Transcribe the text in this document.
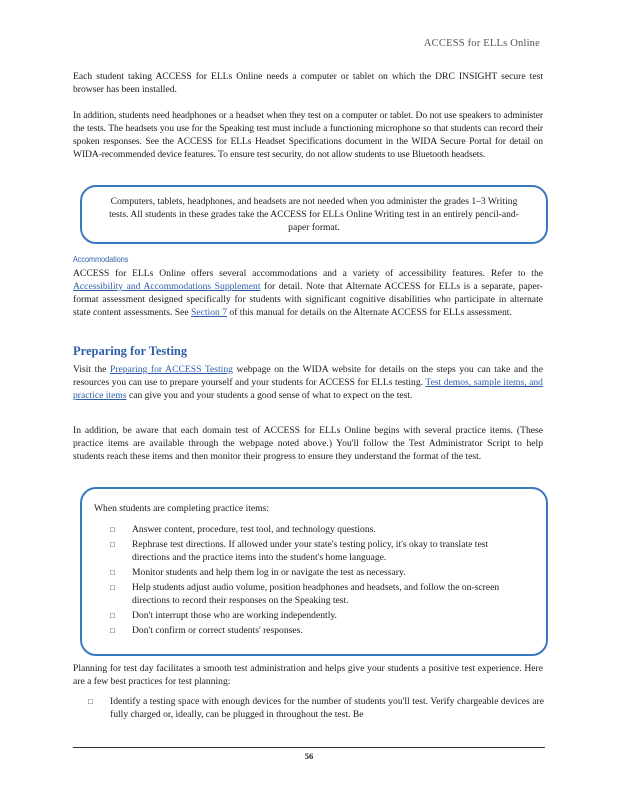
ACCESS for ELLs Online
Each student taking ACCESS for ELLs Online needs a computer or tablet on which the DRC INSIGHT secure test browser has been installed.
In addition, students need headphones or a headset when they test on a computer or tablet. Do not use speakers to administer the tests. The headsets you use for the Speaking test must include a functioning microphone so that students can record their spoken responses. See the ACCESS for ELLs Headset Specifications document in the WIDA Secure Portal for detail on WIDA-recommended device features. To ensure test security, do not allow students to use Bluetooth headsets.
Computers, tablets, headphones, and headsets are not needed when you administer the grades 1–3 Writing tests. All students in these grades take the ACCESS for ELLs Online Writing test in an entirely pencil-and-paper format.
Accommodations
ACCESS for ELLs Online offers several accommodations and a variety of accessibility features. Refer to the Accessibility and Accommodations Supplement for detail. Note that Alternate ACCESS for ELLs is a separate, paper-format assessment designed specifically for students with significant cognitive disabilities who participate in alternate state content assessments. See Section 7 of this manual for details on the Alternate ACCESS for ELLs assessment.
Preparing for Testing
Visit the Preparing for ACCESS Testing webpage on the WIDA website for details on the steps you can take and the resources you can use to prepare yourself and your students for ACCESS for ELLs testing. Test demos, sample items, and practice items can give you and your students a good sense of what to expect on the test.
In addition, be aware that each domain test of ACCESS for ELLs Online begins with several practice items. (These practice items are available through the webpage noted above.) You'll follow the Test Administrator Script to help students reach these items and then monitor their progress to ensure they understand the format of the test.
When students are completing practice items:
□ Answer content, procedure, test tool, and technology questions.
□ Rephrase test directions. If allowed under your state's testing policy, it's okay to translate test directions and the practice items into the student's home language.
□ Monitor students and help them log in or navigate the test as necessary.
□ Help students adjust audio volume, position headphones and headsets, and follow the on-screen directions to record their responses on the Speaking test.
□ Don't interrupt those who are working independently.
□ Don't confirm or correct students' responses.
Planning for test day facilitates a smooth test administration and helps give your students a positive test experience. Here are a few best practices for test planning:
□ Identify a testing space with enough devices for the number of students you'll test. Verify chargeable devices are fully charged or, ideally, can be plugged in throughout the test. Be
56
